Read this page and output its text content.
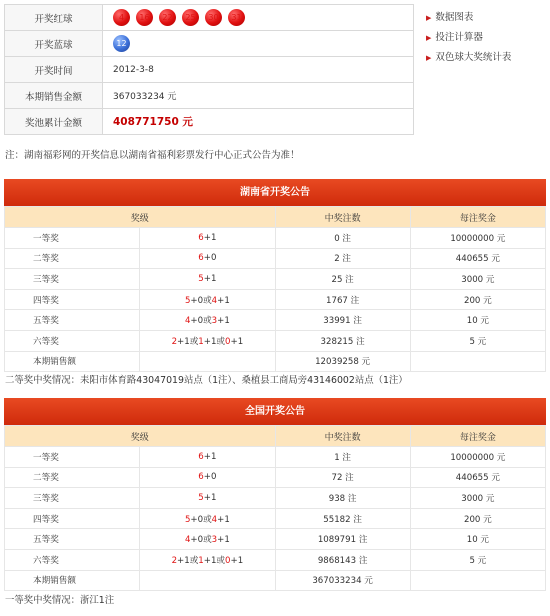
开奖红球	4 16 22 25 30 31
开奖蓝球	12
开奖时间	2012-3-8
本期销售金额	367033234 元
奖池累计金额	408771750 元
▶ 数据图表
▶ 投注计算器
▶ 双色球大奖统计表
注：湖南福彩网的开奖信息以湖南省福利彩票发行中心正式公告为准！
湖南省开奖公告
奖级		中奖注数	每注奖金
一等奖	6+1	0 注	10000000 元
二等奖	6+0	2 注	440655 元
三等奖	5+1	25 注	3000 元
四等奖	5+0或4+1	1767 注	200 元
五等奖	4+0或3+1	33991 注	10 元
六等奖	2+1或1+1或0+1	328215 注	5 元
本期销售额		12039258 元	
二等奖中奖情况：耒阳市体育路43047019站点（1注）、桑植县工商局旁43146002站点（1注）
全国开奖公告
奖级		中奖注数	每注奖金
一等奖	6+1	1 注	10000000 元
二等奖	6+0	72 注	440655 元
三等奖	5+1	938 注	3000 元
四等奖	5+0或4+1	55182 注	200 元
五等奖	4+0或3+1	1089791 注	10 元
六等奖	2+1或1+1或0+1	9868143 注	5 元
本期销售额		367033234 元	
一等奖中奖情况：浙江1注
